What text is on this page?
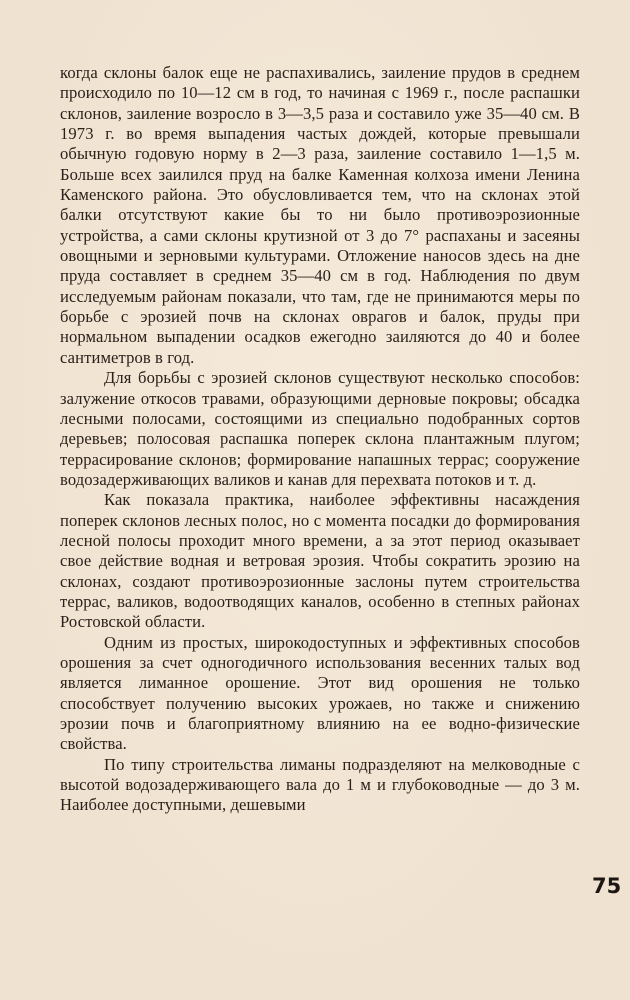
когда склоны балок еще не распахивались, заиление прудов в среднем происходило по 10—12 см в год, то начиная с 1969 г., после распашки склонов, заиление возросло в 3—3,5 раза и составило уже 35—40 см. В 1973 г. во время выпадения частых дождей, которые превышали обычную годовую норму в 2—3 раза, заиление составило 1—1,5 м. Больше всех заилился пруд на балке Каменная колхоза имени Ленина Каменского района. Это обусловливается тем, что на склонах этой балки отсутствуют какие бы то ни было противоэрозионные устройства, а сами склоны крутизной от 3 до 7° распаханы и засеяны овощными и зерновыми культурами. Отложение наносов здесь на дне пруда составляет в среднем 35—40 см в год. Наблюдения по двум исследуемым районам показали, что там, где не принимаются меры по борьбе с эрозией почв на склонах оврагов и балок, пруды при нормальном выпадении осадков ежегодно заиляются до 40 и более сантиметров в год.

Для борьбы с эрозией склонов существуют несколько способов: залужение откосов травами, образующими дерновые покровы; обсадка лесными полосами, состоящими из специально подобранных сортов деревьев; полосовая распашка поперек склона плантажным плугом; террасирование склонов; формирование напашных террас; сооружение водозадерживающих валиков и канав для перехвата потоков и т. д.

Как показала практика, наиболее эффективны насаждения поперек склонов лесных полос, но с момента посадки до формирования лесной полосы проходит много времени, а за этот период оказывает свое действие водная и ветровая эрозия. Чтобы сократить эрозию на склонах, создают противоэрозионные заслоны путем строительства террас, валиков, водоотводящих каналов, особенно в степных районах Ростовской области.

Одним из простых, широкодоступных и эффективных способов орошения за счет одногодичного использования весенних талых вод является лиманное орошение. Этот вид орошения не только способствует получению высоких урожаев, но также и снижению эрозии почв и благоприятному влиянию на ее водно-физические свойства.

По типу строительства лиманы подразделяют на мелководные с высотой водозадерживающего вала до 1 м и глубоководные — до 3 м. Наиболее доступными, дешевыми

75
